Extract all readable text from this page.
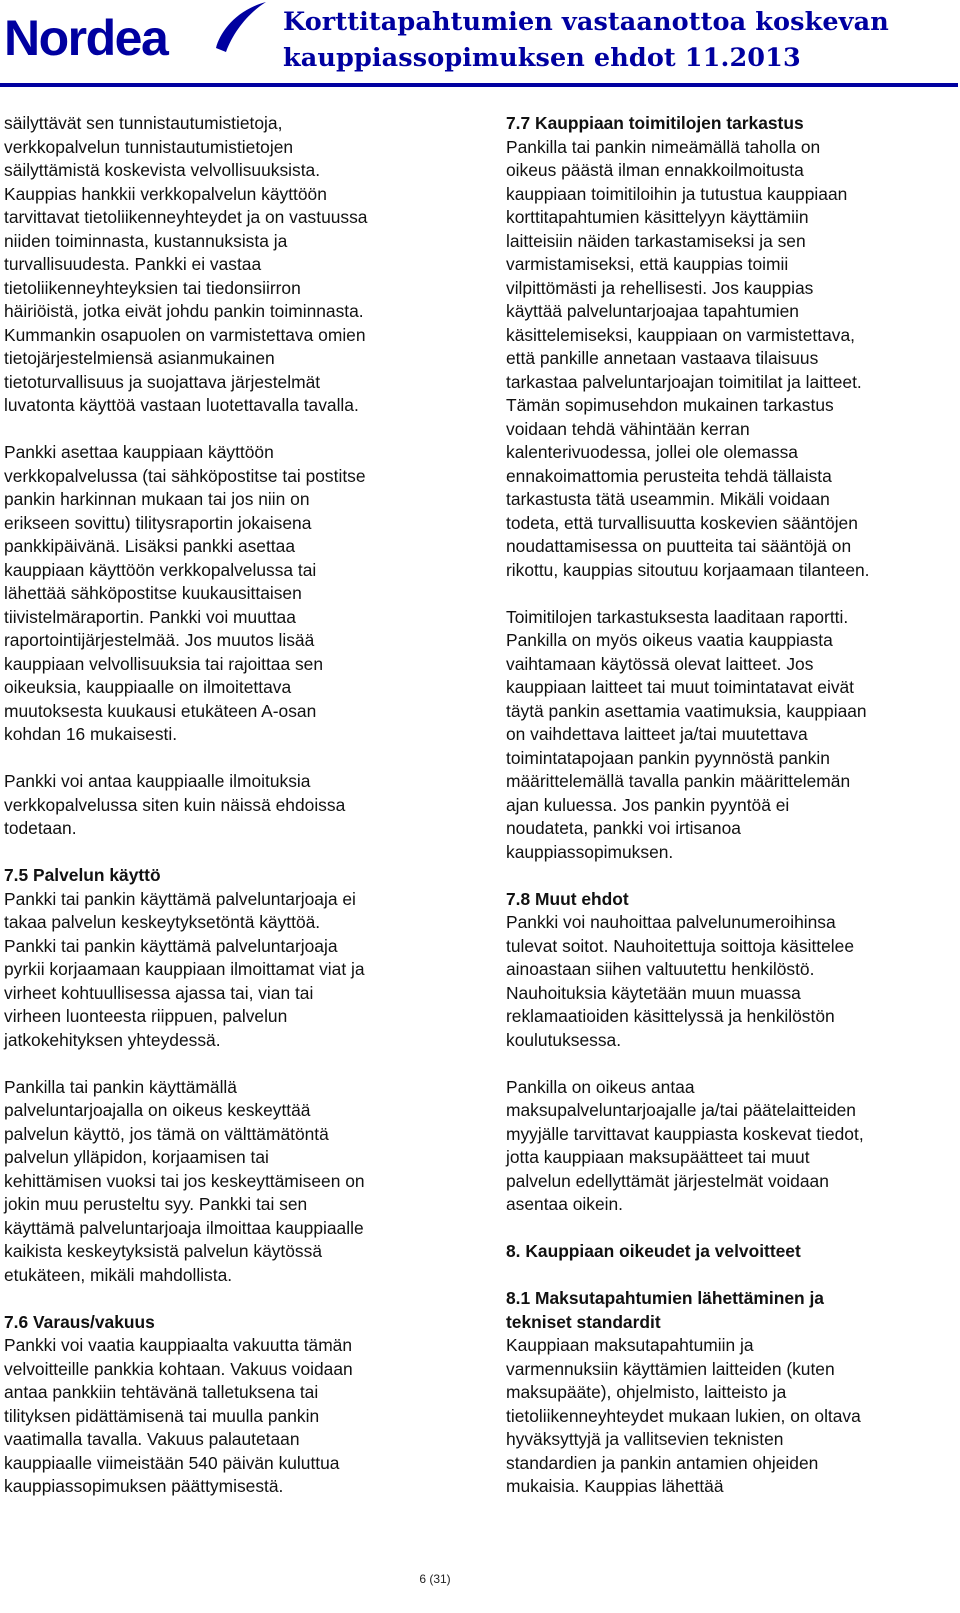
Nordea	Korttitapahtumien vastaanottoa koskevan
kauppiassopimuksen ehdot 11.2013

säilyttävät sen tunnistautumistietoja,
verkkopalvelun tunnistautumistietojen
säilyttämistä koskevista velvollisuuksista.
Kauppias hankkii verkkopalvelun käyttöön
tarvittavat tietoliikenneyhteydet ja on vastuussa
niiden toiminnasta, kustannuksista ja
turvallisuudesta. Pankki ei vastaa
tietoliikenneyhteyksien tai tiedonsiirron
häiriöistä, jotka eivät johdu pankin toiminnasta.
Kummankin osapuolen on varmistettava omien
tietojärjestelmiensä asianmukainen
tietoturvallisuus ja suojattava järjestelmät
luvatonta käyttöä vastaan luotettavalla tavalla.

Pankki asettaa kauppiaan käyttöön
verkkopalvelussa (tai sähköpostitse tai postitse
pankin harkinnan mukaan tai jos niin on
erikseen sovittu) tilitysraportin jokaisena
pankkipäivänä. Lisäksi pankki asettaa
kauppiaan käyttöön verkkopalvelussa tai
lähettää sähköpostitse kuukausittaisen
tiivistelmäraportin. Pankki voi muuttaa
raportointijärjestelmää. Jos muutos lisää
kauppiaan velvollisuuksia tai rajoittaa sen
oikeuksia, kauppiaalle on ilmoitettava
muutoksesta kuukausi etukäteen A-osan
kohdan 16 mukaisesti.

Pankki voi antaa kauppiaalle ilmoituksia
verkkopalvelussa siten kuin näissä ehdoissa
todetaan.

7.5 Palvelun käyttö

Pankki tai pankin käyttämä palveluntarjoaja ei
takaa palvelun keskeytyksetöntä käyttöä.
Pankki tai pankin käyttämä palveluntarjoaja
pyrkii korjaamaan kauppiaan ilmoittamat viat ja
virheet kohtuullisessa ajassa tai, vian tai
virheen luonteesta riippuen, palvelun
jatkokehityksen yhteydessä.

Pankilla tai pankin käyttämällä
palveluntarjoajalla on oikeus keskeyttää
palvelun käyttö, jos tämä on välttämätöntä
palvelun ylläpidon, korjaamisen tai
kehittämisen vuoksi tai jos keskeyttämiseen on
jokin muu perusteltu syy. Pankki tai sen
käyttämä palveluntarjoaja ilmoittaa kauppiaalle
kaikista keskeytyksistä palvelun käytössä
etukäteen, mikäli mahdollista.

7.6 Varaus/vakuus

Pankki voi vaatia kauppiaalta vakuutta tämän
velvoitteille pankkia kohtaan. Vakuus voidaan
antaa pankkiin tehtävänä talletuksena tai
tilityksen pidättämisenä tai muulla pankin
vaatimalla tavalla. Vakuus palautetaan
kauppiaalle viimeistään 540 päivän kuluttua
kauppiassopimuksen päättymisestä.

7.7 Kauppiaan toimitilojen tarkastus

Pankilla tai pankin nimeämällä taholla on
oikeus päästä ilman ennakkoilmoitusta
kauppiaan toimitiloihin ja tutustua kauppiaan
korttitapahtumien käsittelyyn käyttämiin
laitteisiin näiden tarkastamiseksi ja sen
varmistamiseksi, että kauppias toimii
vilpittömästi ja rehellisesti. Jos kauppias
käyttää palveluntarjoajaa tapahtumien
käsittelemiseksi, kauppiaan on varmistettava,
että pankille annetaan vastaava tilaisuus
tarkastaa palveluntarjoajan toimitilat ja laitteet.
Tämän sopimusehdon mukainen tarkastus
voidaan tehdä vähintään kerran
kalenterivuodessa, jollei ole olemassa
ennakoimattomia perusteita tehdä tällaista
tarkastusta tätä useammin. Mikäli voidaan
todeta, että turvallisuutta koskevien sääntöjen
noudattamisessa on puutteita tai sääntöjä on
rikottu, kauppias sitoutuu korjaamaan tilanteen.

Toimitilojen tarkastuksesta laaditaan raportti.
Pankilla on myös oikeus vaatia kauppiasta
vaihtamaan käytössä olevat laitteet. Jos
kauppiaan laitteet tai muut toimintatavat eivät
täytä pankin asettamia vaatimuksia, kauppiaan
on vaihdettava laitteet ja/tai muutettava
toimintatapojaan pankin pyynnöstä pankin
määrittelemällä tavalla pankin määrittelemän
ajan kuluessa. Jos pankin pyyntöä ei
noudateta, pankki voi irtisanoa
kauppiassopimuksen.

7.8 Muut ehdot

Pankki voi nauhoittaa palvelunumeroihinsa
tulevat soitot. Nauhoitettuja soittoja käsittelee
ainoastaan siihen valtuutettu henkilöstö.
Nauhoituksia käytetään muun muassa
reklamaatioiden käsittelyssä ja henkilöstön
koulutuksessa.

Pankilla on oikeus antaa
maksupalveluntarjoajalle ja/tai päätelaitteiden
myyjälle tarvittavat kauppiasta koskevat tiedot,
jotta kauppiaan maksupäätteet tai muut
palvelun edellyttämät järjestelmät voidaan
asentaa oikein.

8. Kauppiaan oikeudet ja velvoitteet
8.1 Maksutapahtumien lähettäminen ja
tekniset standardit

Kauppiaan maksutapahtumiin ja
varmennuksiin käyttämien laitteiden (kuten
maksupääte), ohjelmisto, laitteisto ja
tietoliikenneyhteydet mukaan lukien, on oltava
hyväksyttyjä ja vallitsevien teknisten
standardien ja pankin antamien ohjeiden
mukaisia. Kauppias lähettää

6 (31)
